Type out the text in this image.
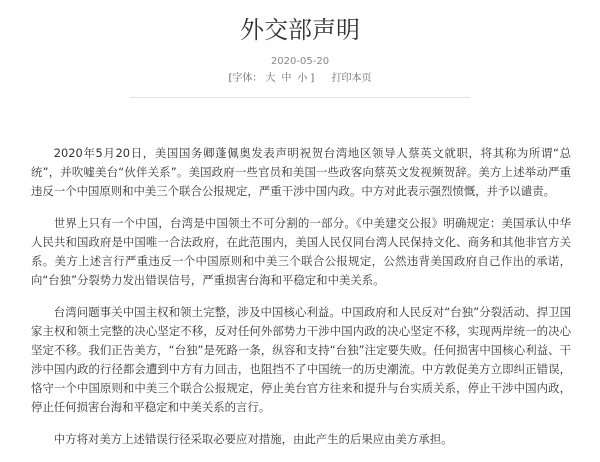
外交部声明
2020-05-20
[字体： 大 中 小 ] 打印本页

2020年5月20日，美国国务卿蓬佩奥发表声明祝贺台湾地区领导人蔡英文就职，将其称为所谓“总统”，并吹嘘美台“伙伴关系”。美国政府一些官员和美国一些政客向蔡英文发视频贺辞。美方上述举动严重违反一个中国原则和中美三个联合公报规定，严重干涉中国内政。中方对此表示强烈愤慨，并予以谴责。

世界上只有一个中国，台湾是中国领土不可分割的一部分。《中美建交公报》明确规定：美国承认中华人民共和国政府是中国唯一合法政府，在此范围内，美国人民仅同台湾人民保持文化、商务和其他非官方关系。美方上述言行严重违反一个中国原则和中美三个联合公报规定，公然违背美国政府自己作出的承诺，向“台独”分裂势力发出错误信号，严重损害台海和平稳定和中美关系。

台湾问题事关中国主权和领土完整，涉及中国核心利益。中国政府和人民反对“台独”分裂活动、捍卫国家主权和领土完整的决心坚定不移，反对任何外部势力干涉中国内政的决心坚定不移，实现两岸统一的决心坚定不移。我们正告美方，“台独”是死路一条，纵容和支持“台独”注定要失败。任何损害中国核心利益、干涉中国内政的行径都会遭到中方有力回击，也阻挡不了中国统一的历史潮流。中方敦促美方立即纠正错误，恪守一个中国原则和中美三个联合公报规定，停止美台官方往来和提升与台实质关系，停止干涉中国内政，停止任何损害台海和平稳定和中美关系的言行。

中方将对美方上述错误行径采取必要应对措施，由此产生的后果应由美方承担。
